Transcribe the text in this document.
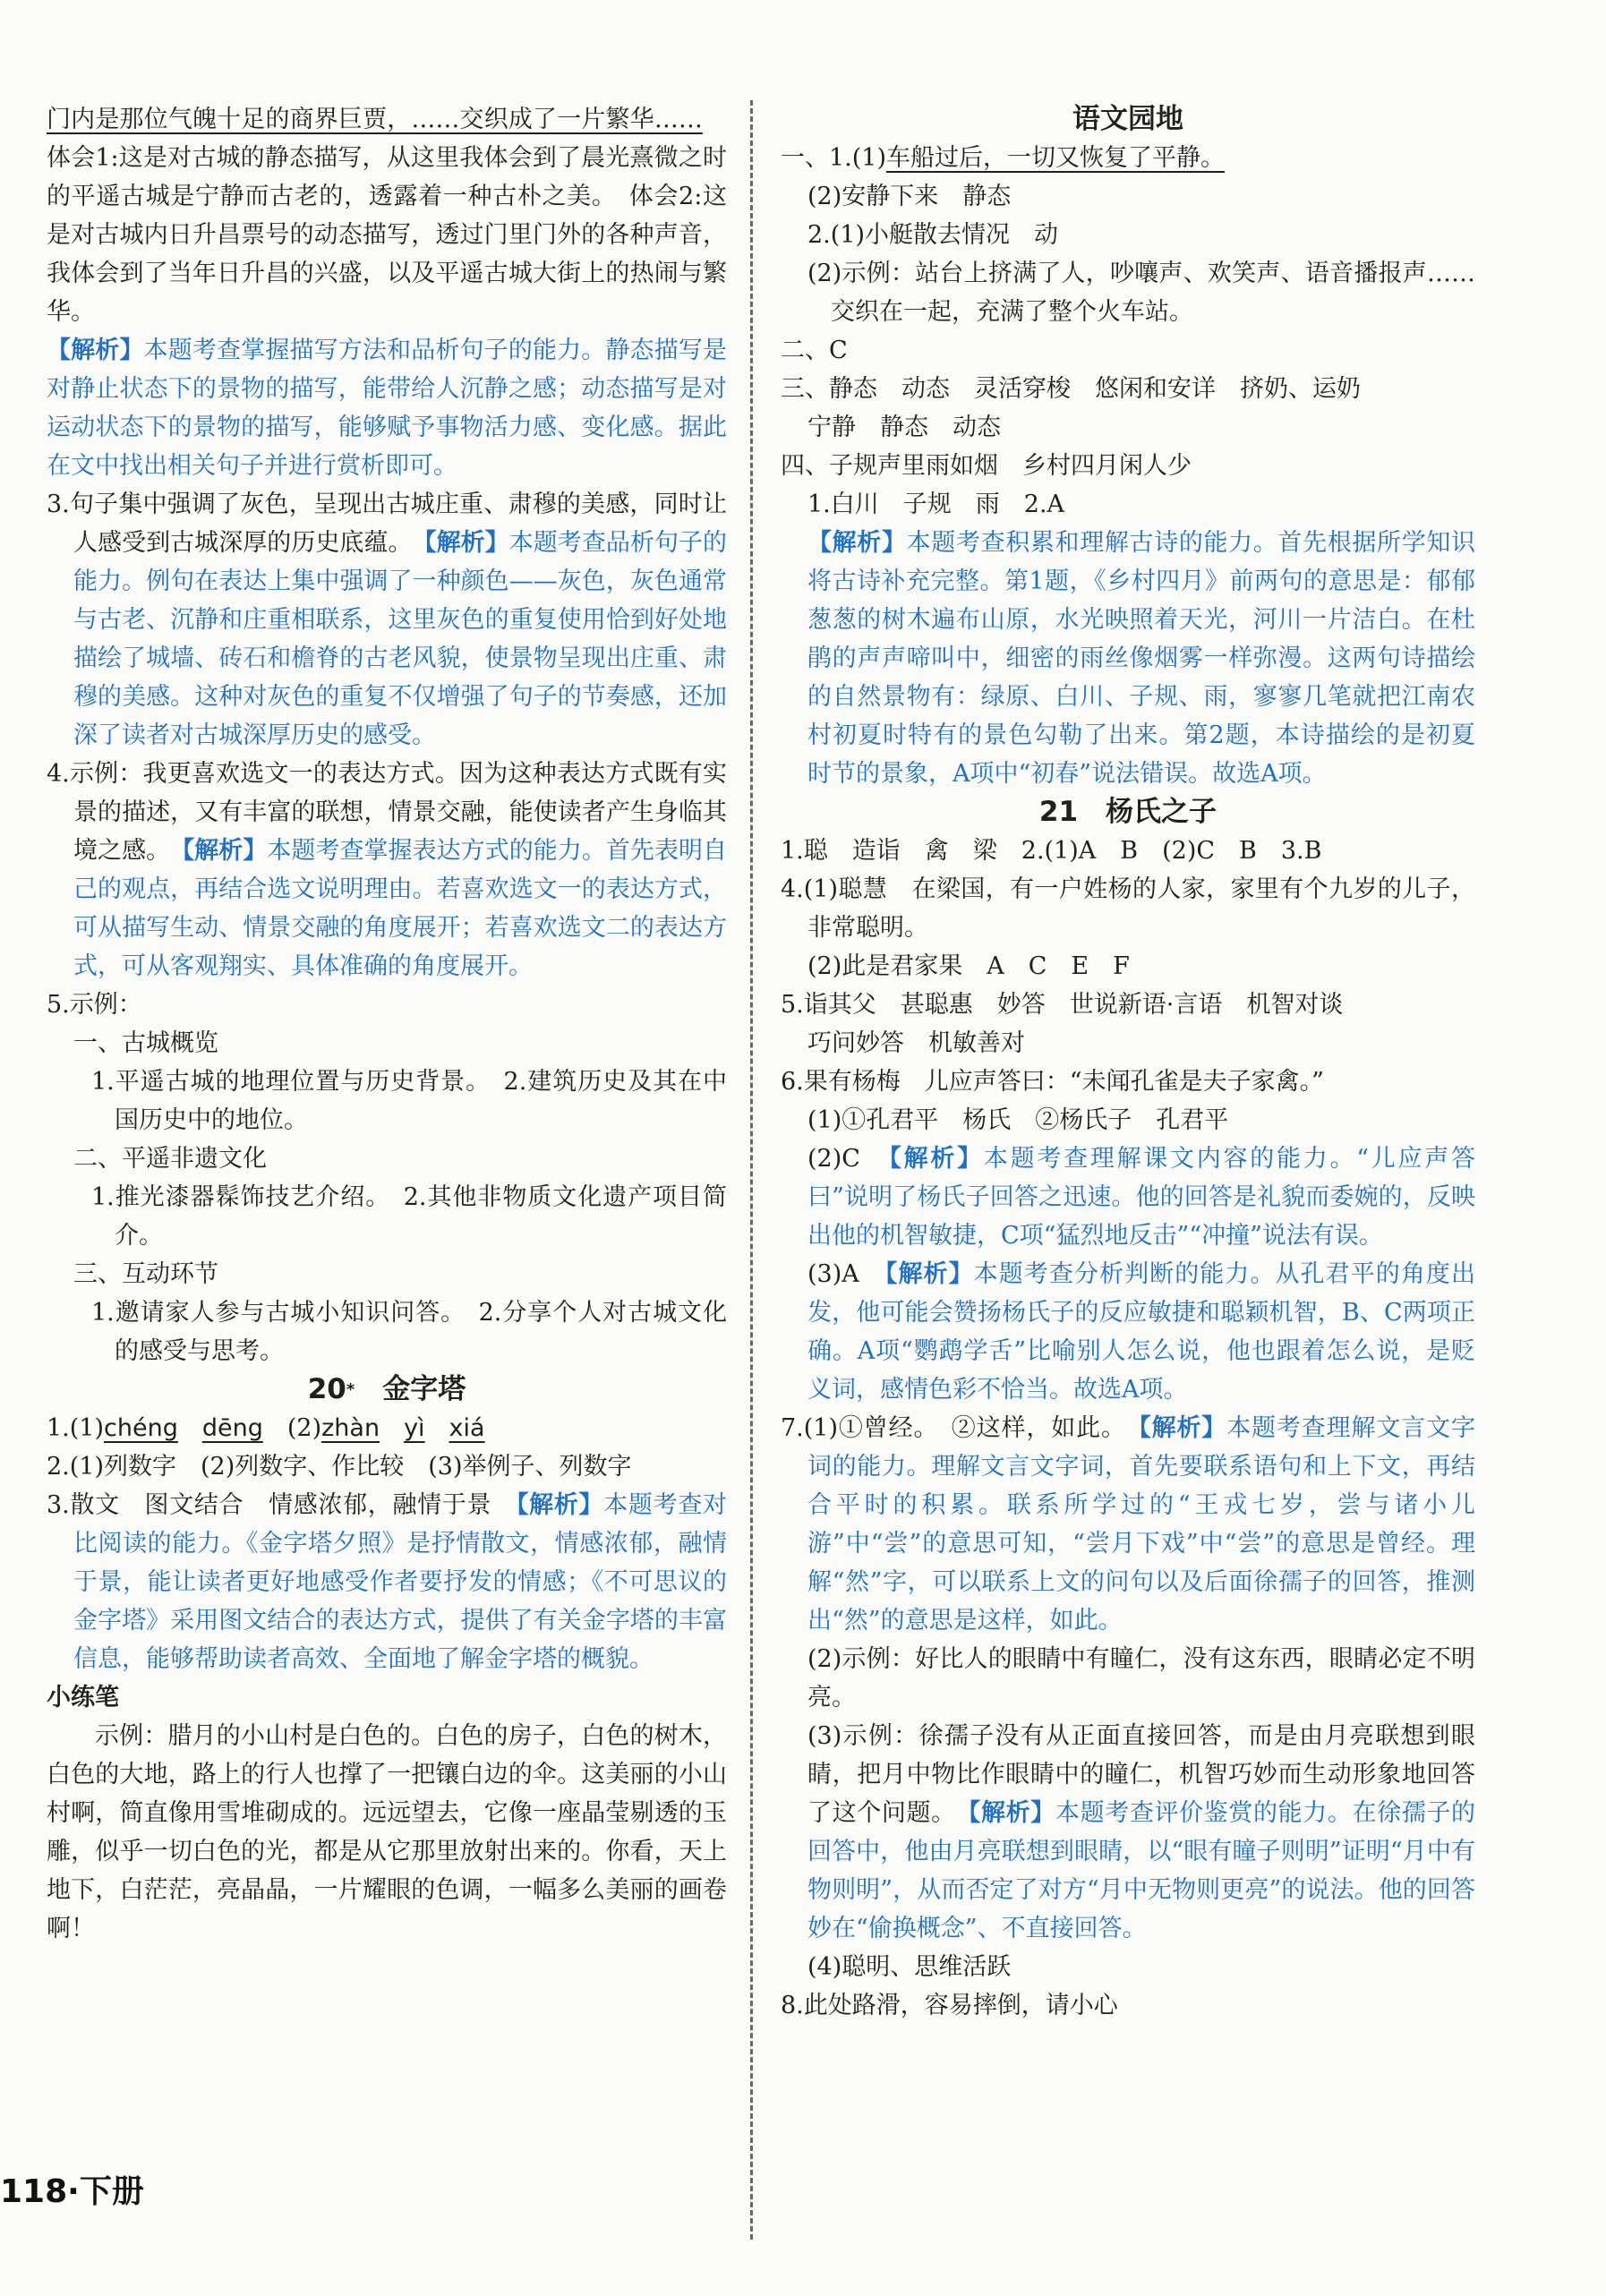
门内是那位气魄十足的商界巨贾，……交织成了一片繁华……　体会1:这是对古城的静态描写，从这里我体会到了晨光熹微之时的平遥古城是宁静而古老的，透露着一种古朴之美。　体会2:这是对古城内日升昌票号的动态描写，透过门里门外的各种声音，我体会到了当年日升昌的兴盛，以及平遥古城大街上的热闹与繁华。

【解析】本题考查掌握描写方法和品析句子的能力。静态描写是对静止状态下的景物的描写，能带给人沉静之感；动态描写是对运动状态下的景物的描写，能够赋予事物活力感、变化感。据此在文中找出相关句子并进行赏析即可。

3.句子集中强调了灰色，呈现出古城庄重、肃穆的美感，同时让人感受到古城深厚的历史底蕴。　 【解析】本题考查品析句子的能力。例句在表达上集中强调了一种颜色——灰色，灰色通常与古老、沉静和庄重相联系，这里灰色的重复使用恰到好处地描绘了城墙、砖石和檐脊的古老风貌，使景物呈现出庄重、肃穆的美感。这种对灰色的重复不仅增强了句子的节奏感，还加深了读者对古城深厚历史的感受。

4.示例：我更喜欢选文一的表达方式。因为这种表达方式既有实景的描述，又有丰富的联想，情景交融，能使读者产生身临其境之感。　 【解析】本题考查掌握表达方式的能力。首先表明自己的观点，再结合选文说明理由。若喜欢选文一的表达方式，可从描写生动、情景交融的角度展开；若喜欢选文二的表达方式，可从客观翔实、具体准确的角度展开。

5.示例：

一、古城概览

1.平遥古城的地理位置与历史背景。　2.建筑历史及其在中国历史中的地位。

二、平遥非遗文化

1.推光漆器髹饰技艺介绍。　2.其他非物质文化遗产项目简介。

三、互动环节

1.邀请家人参与古城小知识问答。　2.分享个人对古城文化的感受与思考。

20*　 金字塔

1.(1)chéng　 dēng　 (2)zhàn　 yì　 xiá

2.(1)列数字　(2)列数字、作比较　(3)举例子、列数字

3.散文　图文结合　情感浓郁，融情于景　 【解析】本题考查对比阅读的能力。《金字塔夕照》是抒情散文，情感浓郁，融情于景，能让读者更好地感受作者要抒发的情感；《不可思议的金字塔》采用图文结合的表达方式，提供了有关金字塔的丰富信息，能够帮助读者高效、全面地了解金字塔的概貌。

小练笔

示例：腊月的小山村是白色的。白色的房子，白色的树木，白色的大地，路上的行人也撑了一把镶白边的伞。这美丽的小山村啊，简直像用雪堆砌成的。远远望去，它像一座晶莹剔透的玉雕，似乎一切白色的光，都是从它那里放射出来的。你看，天上地下，白茫茫，亮晶晶，一片耀眼的色调，一幅多么美丽的画卷啊！

语文园地

一、1.(1)车船过后，一切又恢复了平静。

(2)安静下来　静态

2.(1)小艇散去情况　动

(2)示例：站台上挤满了人，吵嚷声、欢笑声、语音播报声……交织在一起，充满了整个火车站。

二、C

三、静态　动态　灵活穿梭　悠闲和安详　挤奶、运奶

宁静　静态　动态

四、子规声里雨如烟　乡村四月闲人少

1.白川　子规　雨　2.A

【解析】本题考查积累和理解古诗的能力。首先根据所学知识将古诗补充完整。第1题，《乡村四月》前两句的意思是：郁郁葱葱的树木遍布山原，水光映照着天光，河川一片洁白。在杜鹃的声声啼叫中，细密的雨丝像烟雾一样弥漫。这两句诗描绘的自然景物有：绿原、白川、子规、雨，寥寥几笔就把江南农村初夏时特有的景色勾勒了出来。第2题，本诗描绘的是初夏时节的景象，A项中“初春”说法错误。故选A项。

21　杨氏之子

1.聪　造诣　禽　梁　2.(1)A　B　(2)C　B　3.B

4.(1)聪慧　在梁国，有一户姓杨的人家，家里有个九岁的儿子，非常聪明。

(2)此是君家果　A　C　E　F

5.诣其父　甚聪惠　妙答　世说新语·言语　机智对谈

巧问妙答　机敏善对

6.果有杨梅　儿应声答曰：“未闻孔雀是夫子家禽。”

(1)①孔君平　杨氏　②杨氏子　孔君平

(2)C　 【解析】本题考查理解课文内容的能力。“儿应声答曰”说明了杨氏子回答之迅速。他的回答是礼貌而委婉的，反映出他的机智敏捷，C项“猛烈地反击”“冲撞”说法有误。

(3)A　 【解析】本题考查分析判断的能力。从孔君平的角度出发，他可能会赞扬杨氏子的反应敏捷和聪颖机智，B、C两项正确。A项“鹦鹉学舌”比喻别人怎么说，他也跟着怎么说，是贬义词，感情色彩不恰当。故选A项。

7.(1)①曾经。　②这样，如此。　 【解析】本题考查理解文言文字词的能力。理解文言文字词，首先要联系语句和上下文，再结合平时的积累。联系所学过的“王戎七岁，尝与诸小儿游”中“尝”的意思可知，“尝月下戏”中“尝”的意思是曾经。理解“然”字，可以联系上文的问句以及后面徐孺子的回答，推测出“然”的意思是这样，如此。

(2)示例：好比人的眼睛中有瞳仁，没有这东西，眼睛必定不明亮。

(3)示例：徐孺子没有从正面直接回答，而是由月亮联想到眼睛，把月中物比作眼睛中的瞳仁，机智巧妙而生动形象地回答了这个问题。　 【解析】本题考查评价鉴赏的能力。在徐孺子的回答中，他由月亮联想到眼睛，以“眼有瞳子则明”证明“月中有物则明”，从而否定了对方“月中无物则更亮”的说法。他的回答妙在“偷换概念”、不直接回答。

(4)聪明、思维活跃

8.此处路滑，容易摔倒，请小心

118·下册
